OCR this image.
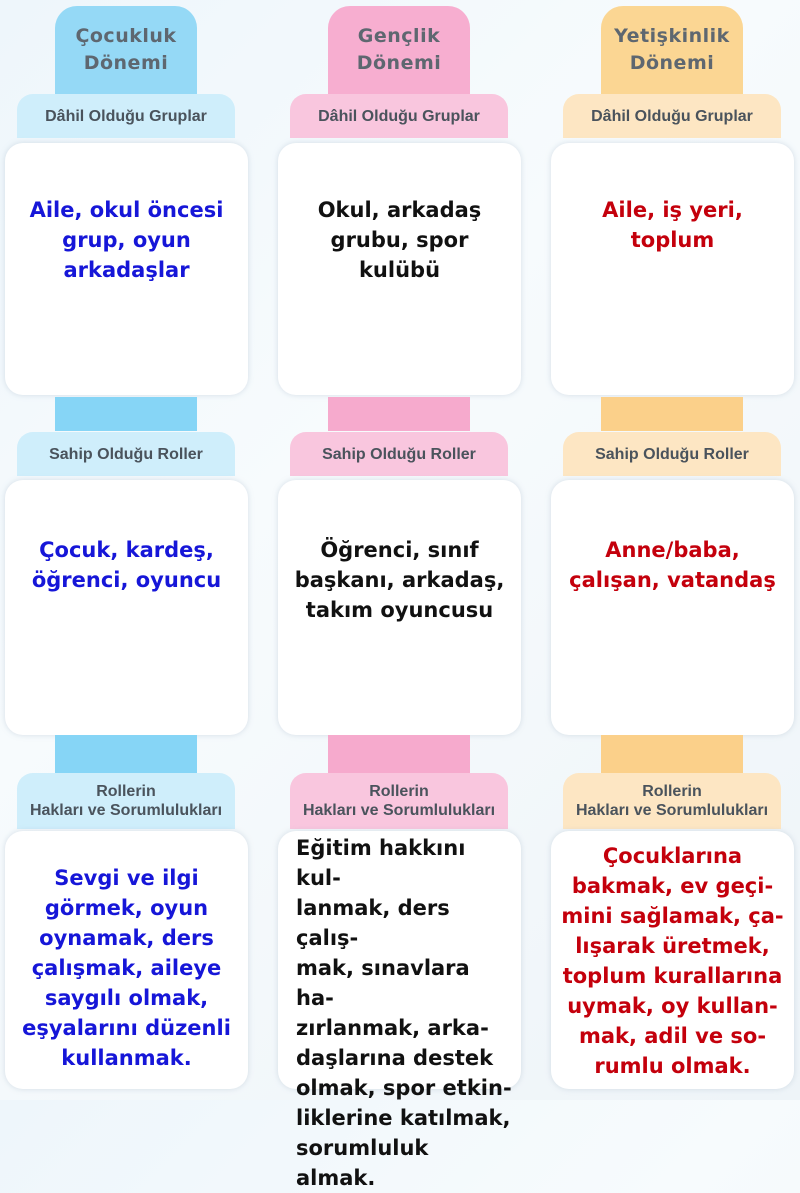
Çocukluk
Dönemi
Dâhil Olduğu Gruplar
Aile, okul öncesi
grup, oyun
arkadaşlar
Sahip Olduğu Roller
Çocuk, kardeş,
öğrenci, oyuncu
Rollerin
Hakları ve Sorumlulukları
Sevgi ve ilgi
görmek, oyun
oynamak, ders
çalışmak, aileye
saygılı olmak,
eşyalarını düzenli
kullanmak.
Gençlik
Dönemi
Dâhil Olduğu Gruplar
Okul, arkadaş
grubu, spor
kulübü
Sahip Olduğu Roller
Öğrenci, sınıf
başkanı, arkadaş,
takım oyuncusu
Rollerin
Hakları ve Sorumlulukları
Eğitim hakkını kul-
lanmak, ders çalış-
mak, sınavlara ha-
zırlanmak, arka-
daşlarına destek
olmak, spor etkin-
liklerine katılmak,
sorumluluk almak.
Yetişkinlik
Dönemi
Dâhil Olduğu Gruplar
Aile, iş yeri, toplum
Sahip Olduğu Roller
Anne/baba,
çalışan, vatandaş
Rollerin
Hakları ve Sorumlulukları
Çocuklarına
bakmak, ev geçi-
mini sağlamak, ça-
lışarak üretmek,
toplum kurallarına
uymak, oy kullan-
mak, adil ve so-
rumlu olmak.
